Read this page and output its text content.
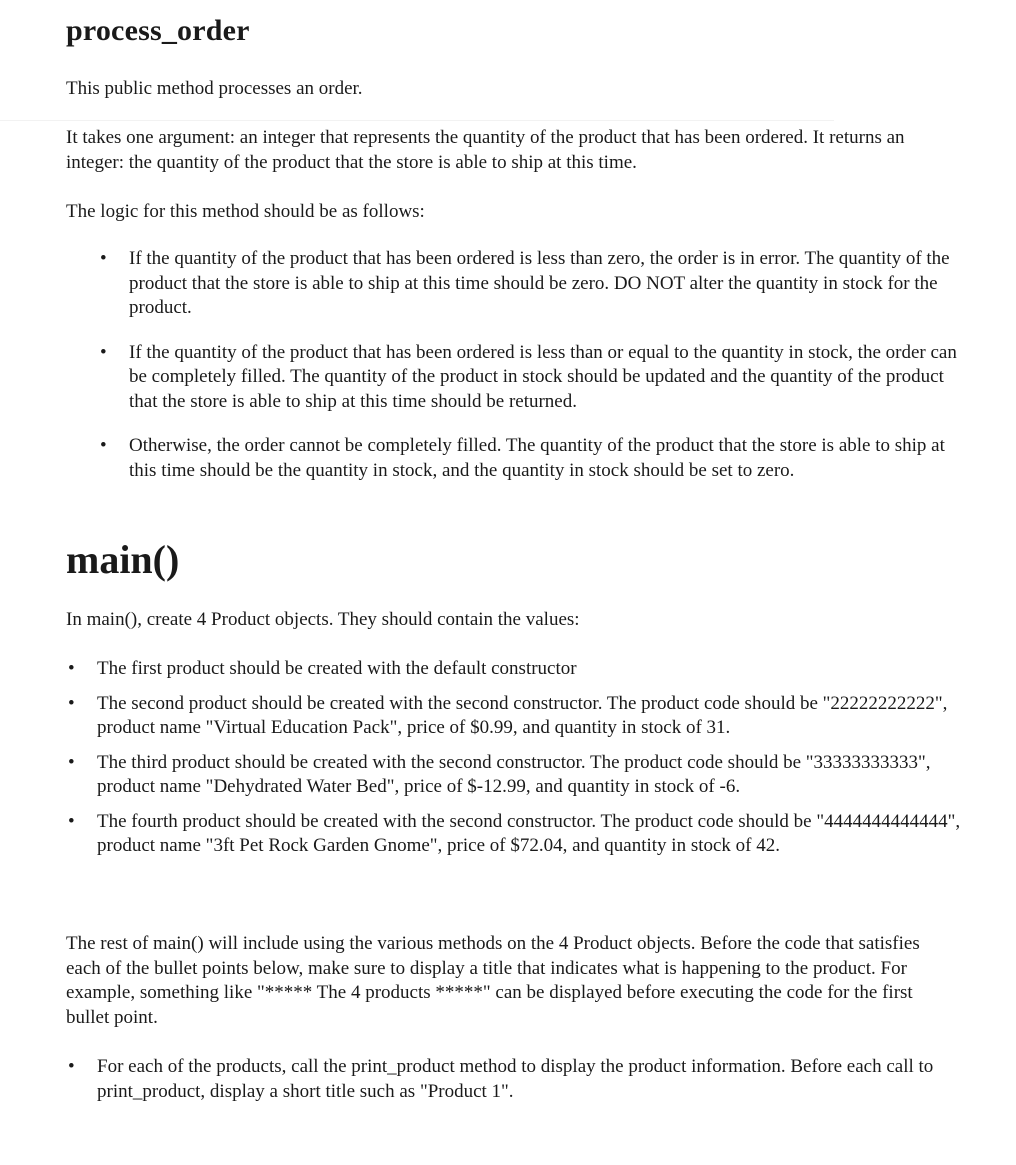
process_order

This public method processes an order.

It takes one argument: an integer that represents the quantity of the product that has been ordered. It returns an integer: the quantity of the product that the store is able to ship at this time.

The logic for this method should be as follows:

• If the quantity of the product that has been ordered is less than zero, the order is in error. The quantity of the product that the store is able to ship at this time should be zero. DO NOT alter the quantity in stock for the product.
• If the quantity of the product that has been ordered is less than or equal to the quantity in stock, the order can be completely filled. The quantity of the product in stock should be updated and the quantity of the product that the store is able to ship at this time should be returned.
• Otherwise, the order cannot be completely filled. The quantity of the product that the store is able to ship at this time should be the quantity in stock, and the quantity in stock should be set to zero.
main()

In main(), create 4 Product objects. They should contain the values:

• The first product should be created with the default constructor
• The second product should be created with the second constructor. The product code should be "22222222222", product name "Virtual Education Pack", price of $0.99, and quantity in stock of 31.
• The third product should be created with the second constructor. The product code should be "33333333333", product name "Dehydrated Water Bed", price of $-12.99, and quantity in stock of -6.
• The fourth product should be created with the second constructor. The product code should be "4444444444444", product name "3ft Pet Rock Garden Gnome", price of $72.04, and quantity in stock of 42.

The rest of main() will include using the various methods on the 4 Product objects. Before the code that satisfies each of the bullet points below, make sure to display a title that indicates what is happening to the product. For example, something like "***** The 4 products *****" can be displayed before executing the code for the first bullet point.

• For each of the products, call the print_product method to display the product information. Before each call to print_product, display a short title such as "Product 1".
